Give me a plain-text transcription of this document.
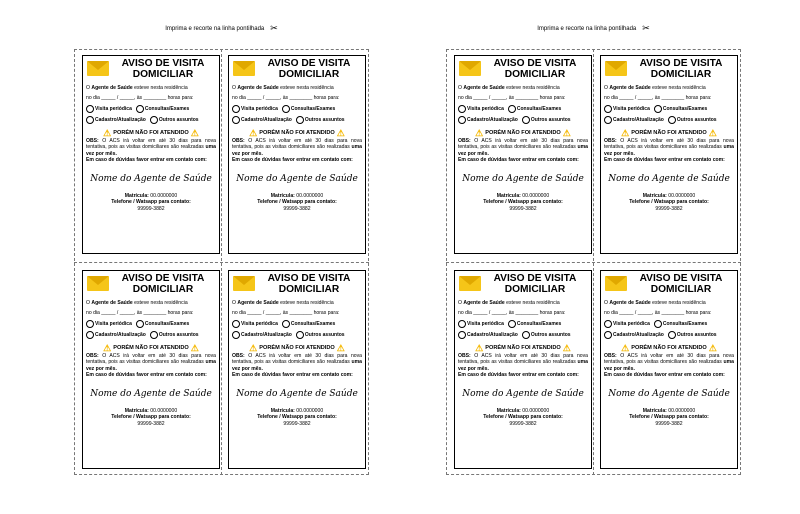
Imprima e recorte na linha pontilhada ✂
AVISO DE VISITA
DOMICILIAR
O Agente de Saúde esteve nesta residência
no dia _____ / _____, às ________ horas para:
Visita periódica	Consultas/Exames
Cadastro/Atualização	Outros assuntos
⚠ PORÉM NÃO FOI ATENDIDO ⚠
OBS: O ACS irá voltar em até 30 dias para nova tentativa, pois as visitas domiciliares são realizadas uma vez por mês.
Em caso de dúvidas favor entrar em contato com:
Nome do Agente de Saúde
Matrícula: 00.0000000
Telefone / Watsapp para contato:
99999-3882
AVISO DE VISITA
DOMICILIAR
O Agente de Saúde esteve nesta residência
no dia _____ / _____, às ________ horas para:
Visita periódica	Consultas/Exames
Cadastro/Atualização	Outros assuntos
⚠ PORÉM NÃO FOI ATENDIDO ⚠
OBS: O ACS irá voltar em até 30 dias para nova tentativa, pois as visitas domiciliares são realizadas uma vez por mês.
Em caso de dúvidas favor entrar em contato com:
Nome do Agente de Saúde
Matrícula: 00.0000000
Telefone / Watsapp para contato:
99999-3882
AVISO DE VISITA
DOMICILIAR
O Agente de Saúde esteve nesta residência
no dia _____ / _____, às ________ horas para:
Visita periódica	Consultas/Exames
Cadastro/Atualização	Outros assuntos
⚠ PORÉM NÃO FOI ATENDIDO ⚠
OBS: O ACS irá voltar em até 30 dias para nova tentativa, pois as visitas domiciliares são realizadas uma vez por mês.
Em caso de dúvidas favor entrar em contato com:
Nome do Agente de Saúde
Matrícula: 00.0000000
Telefone / Watsapp para contato:
99999-3882
AVISO DE VISITA
DOMICILIAR
O Agente de Saúde esteve nesta residência
no dia _____ / _____, às ________ horas para:
Visita periódica	Consultas/Exames
Cadastro/Atualização	Outros assuntos
⚠ PORÉM NÃO FOI ATENDIDO ⚠
OBS: O ACS irá voltar em até 30 dias para nova tentativa, pois as visitas domiciliares são realizadas uma vez por mês.
Em caso de dúvidas favor entrar em contato com:
Nome do Agente de Saúde
Matrícula: 00.0000000
Telefone / Watsapp para contato:
99999-3882
Imprima e recorte na linha pontilhada ✂
AVISO DE VISITA
DOMICILIAR
O Agente de Saúde esteve nesta residência
no dia _____ / _____, às ________ horas para:
Visita periódica	Consultas/Exames
Cadastro/Atualização	Outros assuntos
⚠ PORÉM NÃO FOI ATENDIDO ⚠
OBS: O ACS irá voltar em até 30 dias para nova tentativa, pois as visitas domiciliares são realizadas uma vez por mês.
Em caso de dúvidas favor entrar em contato com:
Nome do Agente de Saúde
Matrícula: 00.0000000
Telefone / Watsapp para contato:
99999-3882
AVISO DE VISITA
DOMICILIAR
O Agente de Saúde esteve nesta residência
no dia _____ / _____, às ________ horas para:
Visita periódica	Consultas/Exames
Cadastro/Atualização	Outros assuntos
⚠ PORÉM NÃO FOI ATENDIDO ⚠
OBS: O ACS irá voltar em até 30 dias para nova tentativa, pois as visitas domiciliares são realizadas uma vez por mês.
Em caso de dúvidas favor entrar em contato com:
Nome do Agente de Saúde
Matrícula: 00.0000000
Telefone / Watsapp para contato:
99999-3882
AVISO DE VISITA
DOMICILIAR
O Agente de Saúde esteve nesta residência
no dia _____ / _____, às ________ horas para:
Visita periódica	Consultas/Exames
Cadastro/Atualização	Outros assuntos
⚠ PORÉM NÃO FOI ATENDIDO ⚠
OBS: O ACS irá voltar em até 30 dias para nova tentativa, pois as visitas domiciliares são realizadas uma vez por mês.
Em caso de dúvidas favor entrar em contato com:
Nome do Agente de Saúde
Matrícula: 00.0000000
Telefone / Watsapp para contato:
99999-3882
AVISO DE VISITA
DOMICILIAR
O Agente de Saúde esteve nesta residência
no dia _____ / _____, às ________ horas para:
Visita periódica	Consultas/Exames
Cadastro/Atualização	Outros assuntos
⚠ PORÉM NÃO FOI ATENDIDO ⚠
OBS: O ACS irá voltar em até 30 dias para nova tentativa, pois as visitas domiciliares são realizadas uma vez por mês.
Em caso de dúvidas favor entrar em contato com:
Nome do Agente de Saúde
Matrícula: 00.0000000
Telefone / Watsapp para contato:
99999-3882
